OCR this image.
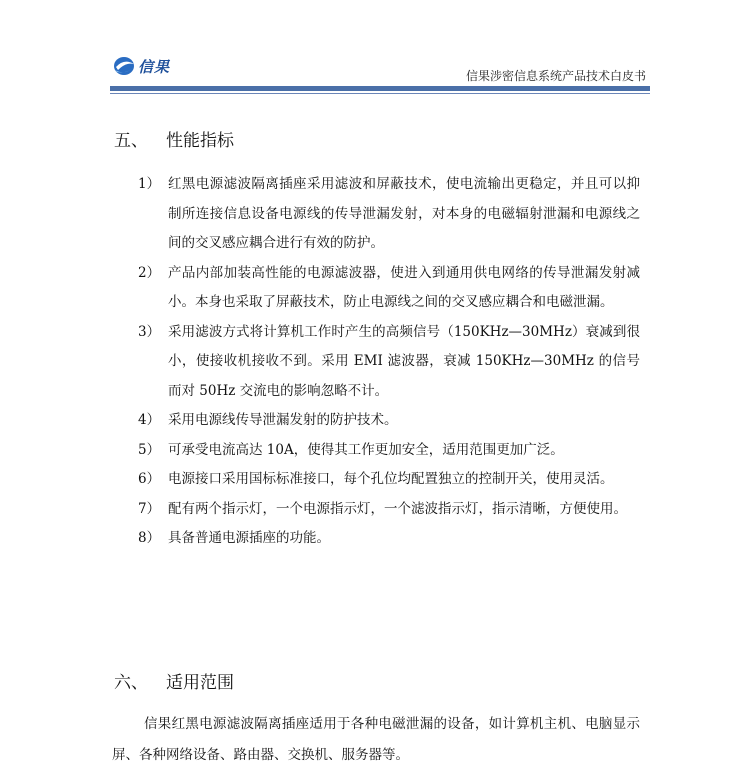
信果	信果涉密信息系统产品技术白皮书
五、	性能指标
1） 红黑电源滤波隔离插座采用滤波和屏蔽技术，使电流输出更稳定，并且可以抑制所连接信息设备电源线的传导泄漏发射，对本身的电磁辐射泄漏和电源线之间的交叉感应耦合进行有效的防护。
2） 产品内部加装高性能的电源滤波器，使进入到通用供电网络的传导泄漏发射减小。本身也采取了屏蔽技术，防止电源线之间的交叉感应耦合和电磁泄漏。
3） 采用滤波方式将计算机工作时产生的高频信号（150KHz—30MHz）衰减到很小，使接收机接收不到。采用 EMI 滤波器，衰减 150KHz—30MHz 的信号而对 50Hz 交流电的影响忽略不计。
4） 采用电源线传导泄漏发射的防护技术。
5） 可承受电流高达 10A，使得其工作更加安全，适用范围更加广泛。
6） 电源接口采用国标标准接口，每个孔位均配置独立的控制开关，使用灵活。
7） 配有两个指示灯，一个电源指示灯，一个滤波指示灯，指示清晰，方便使用。
8） 具备普通电源插座的功能。
六、	适用范围
信果红黑电源滤波隔离插座适用于各种电磁泄漏的设备，如计算机主机、电脑显示屏、各种网络设备、路由器、交换机、服务器等。
